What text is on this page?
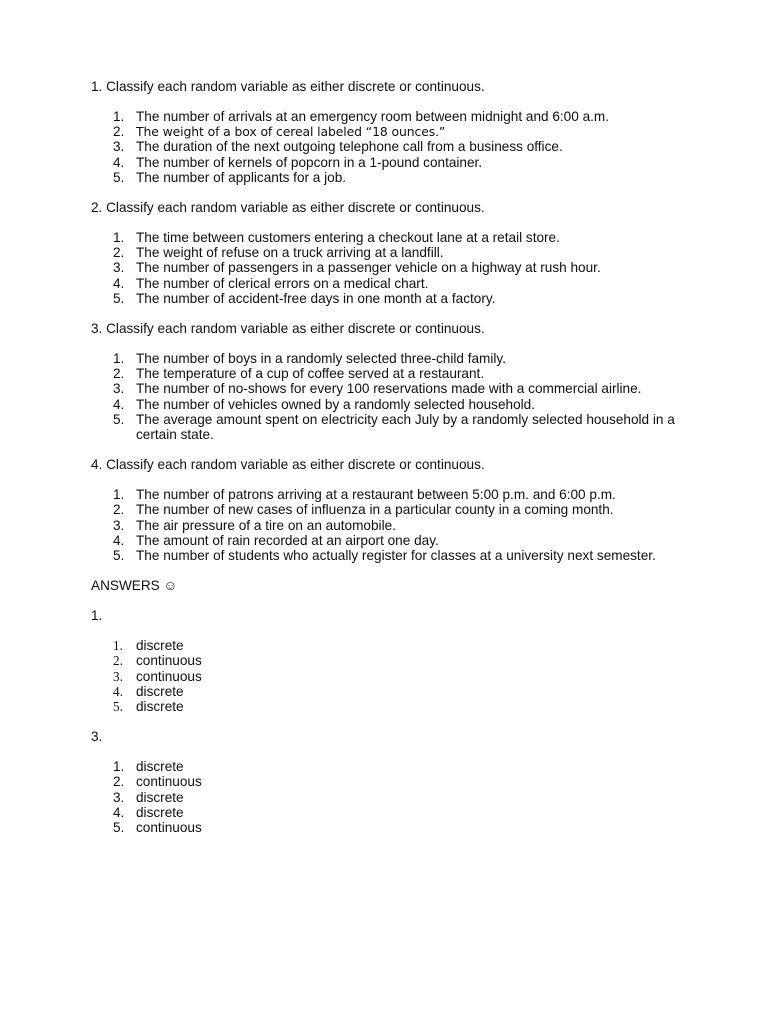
1. Classify each random variable as either discrete or continuous.

1. The number of arrivals at an emergency room between midnight and 6:00 a.m.
2. The weight of a box of cereal labeled “18 ounces.”
3. The duration of the next outgoing telephone call from a business office.
4. The number of kernels of popcorn in a 1-pound container.
5. The number of applicants for a job.

2. Classify each random variable as either discrete or continuous.

1. The time between customers entering a checkout lane at a retail store.
2. The weight of refuse on a truck arriving at a landfill.
3. The number of passengers in a passenger vehicle on a highway at rush hour.
4. The number of clerical errors on a medical chart.
5. The number of accident-free days in one month at a factory.

3. Classify each random variable as either discrete or continuous.

1. The number of boys in a randomly selected three-child family.
2. The temperature of a cup of coffee served at a restaurant.
3. The number of no-shows for every 100 reservations made with a commercial airline.
4. The number of vehicles owned by a randomly selected household.
5. The average amount spent on electricity each July by a randomly selected household in a certain state.

4. Classify each random variable as either discrete or continuous.

1. The number of patrons arriving at a restaurant between 5:00 p.m. and 6:00 p.m.
2. The number of new cases of influenza in a particular county in a coming month.
3. The air pressure of a tire on an automobile.
4. The amount of rain recorded at an airport one day.
5. The number of students who actually register for classes at a university next semester.

ANSWERS ☺

1.

1. discrete
2. continuous
3. continuous
4. discrete
5. discrete

3.

1. discrete
2. continuous
3. discrete
4. discrete
5. continuous
